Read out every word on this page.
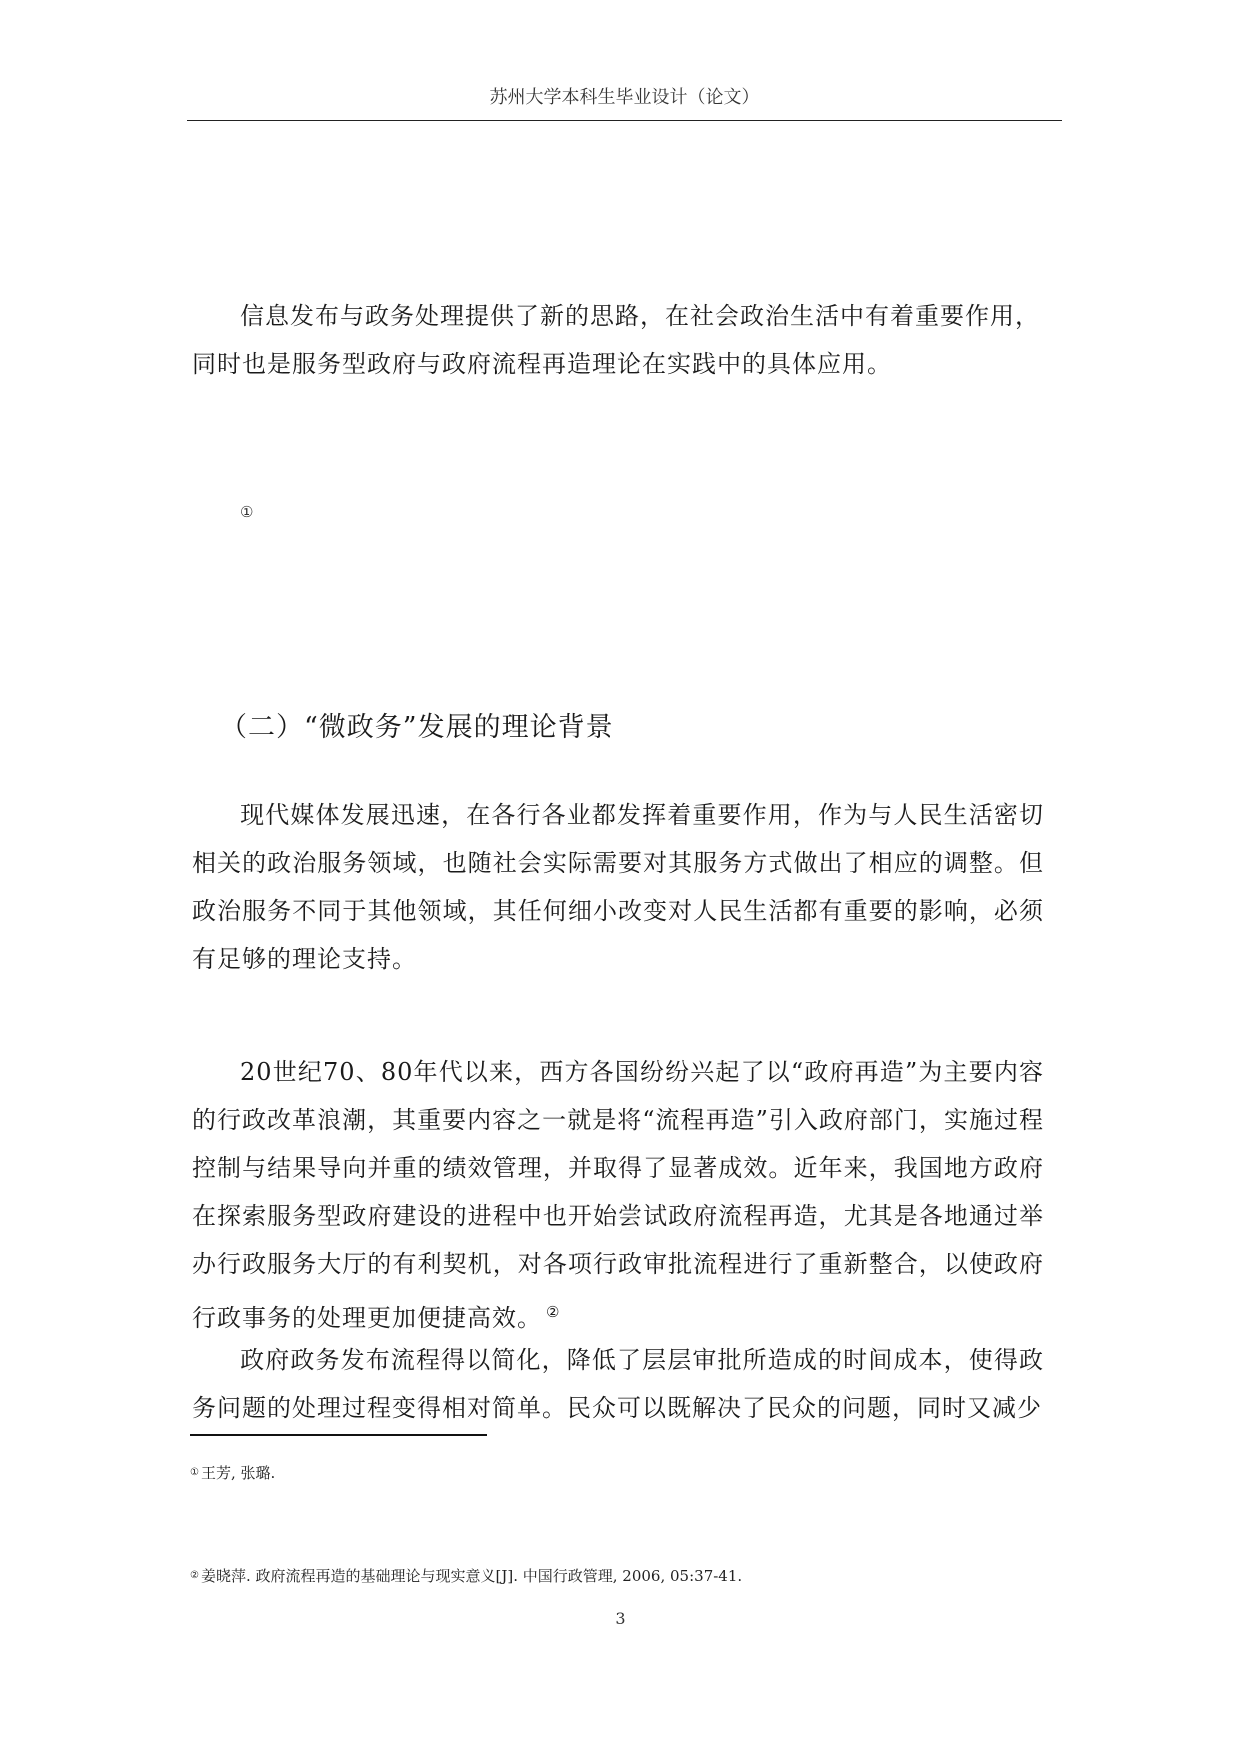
苏州大学本科生毕业设计（论文）
信息发布与政务处理提供了新的思路，在社会政治生活中有着重要作用，
同时也是服务型政府与政府流程再造理论在实践中的具体应用。
①
（二）“微政务”发展的理论背景
现代媒体发展迅速，在各行各业都发挥着重要作用，作为与人民生活密切相关的政治服务领域，也随社会实际需要对其服务方式做出了相应的调整。但政治服务不同于其他领域，其任何细小改变对人民生活都有重要的影响，必须有足够的理论支持。
20世纪70、80年代以来，西方各国纷纷兴起了以“政府再造”为主要内容的行政改革浪潮，其重要内容之一就是将“流程再造”引入政府部门，实施过程控制与结果导向并重的绩效管理，并取得了显著成效。近年来，我国地方政府在探索服务型政府建设的进程中也开始尝试政府流程再造，尤其是各地通过举办行政服务大厅的有利契机，对各项行政审批流程进行了重新整合，以使政府行政事务的处理更加便捷高效。 ②
政府政务发布流程得以简化，降低了层层审批所造成的时间成本，使得政务问题的处理过程变得相对简单。民众可以既解决了民众的问题，同时又减少
① 王芳, 张璐.
② 姜晓萍. 政府流程再造的基础理论与现实意义[J]. 中国行政管理, 2006, 05:37-41.
3
